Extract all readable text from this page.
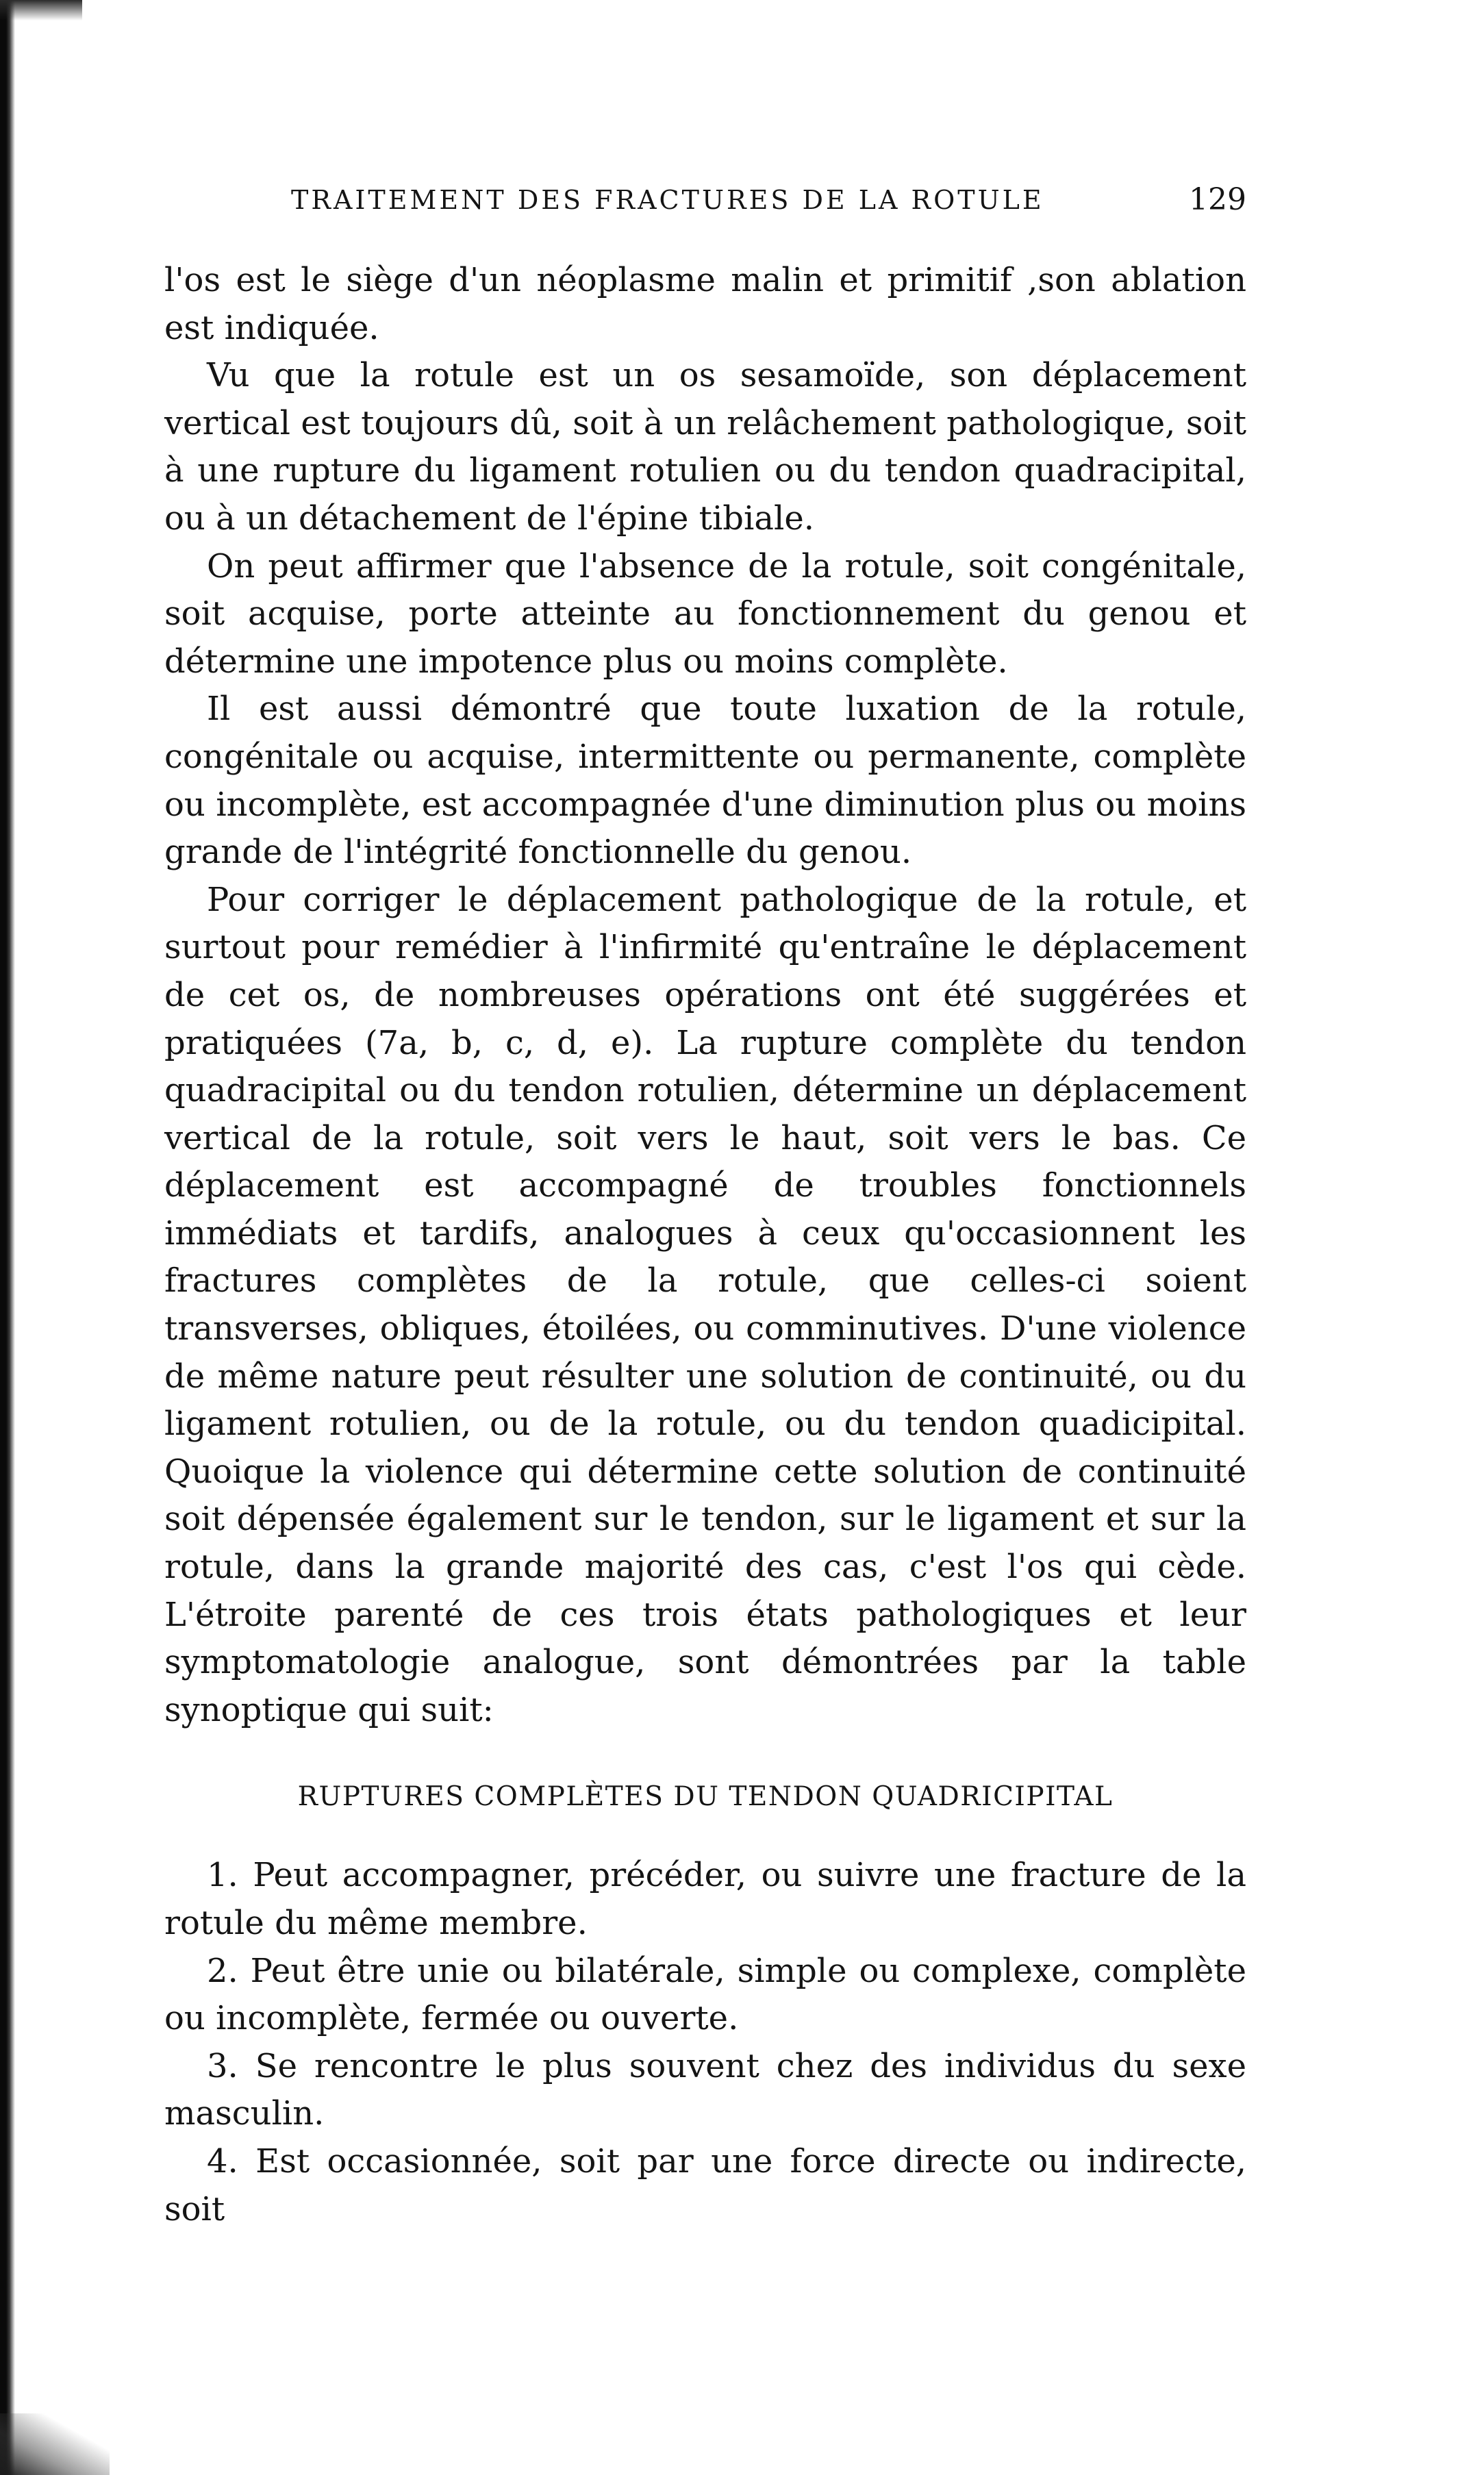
TRAITEMENT DES FRACTURES DE LA ROTULE	129

l'os est le siège d'un néoplasme malin et primitif ,son ablation est indiquée.

Vu que la rotule est un os sesamoïde, son déplacement vertical est toujours dû, soit à un relâchement pathologique, soit à une rupture du ligament rotulien ou du tendon quadracipital, ou à un détachement de l'épine tibiale.

On peut affirmer que l'absence de la rotule, soit congénitale, soit acquise, porte atteinte au fonctionnement du genou et détermine une impotence plus ou moins complète.

Il est aussi démontré que toute luxation de la rotule, congénitale ou acquise, intermittente ou permanente, complète ou incomplète, est accompagnée d'une diminution plus ou moins grande de l'intégrité fonctionnelle du genou.

Pour corriger le déplacement pathologique de la rotule, et surtout pour remédier à l'infirmité qu'entraîne le déplacement de cet os, de nombreuses opérations ont été suggérées et pratiquées (7a, b, c, d, e). La rupture complète du tendon quadracipital ou du tendon rotulien, détermine un déplacement vertical de la rotule, soit vers le haut, soit vers le bas. Ce déplacement est accompagné de troubles fonctionnels immédiats et tardifs, analogues à ceux qu'occasionnent les fractures complètes de la rotule, que celles-ci soient transverses, obliques, étoilées, ou comminutives. D'une violence de même nature peut résulter une solution de continuité, ou du ligament rotulien, ou de la rotule, ou du tendon quadicipital. Quoique la violence qui détermine cette solution de continuité soit dépensée également sur le tendon, sur le ligament et sur la rotule, dans la grande majorité des cas, c'est l'os qui cède. L'étroite parenté de ces trois états pathologiques et leur symptomatologie analogue, sont démontrées par la table synoptique qui suit:

RUPTURES COMPLÈTES DU TENDON QUADRICIPITAL

1. Peut accompagner, précéder, ou suivre une fracture de la rotule du même membre.

2. Peut être unie ou bilatérale, simple ou complexe, complète ou incomplète, fermée ou ouverte.

3. Se rencontre le plus souvent chez des individus du sexe masculin.

4. Est occasionnée, soit par une force directe ou indirecte, soit
